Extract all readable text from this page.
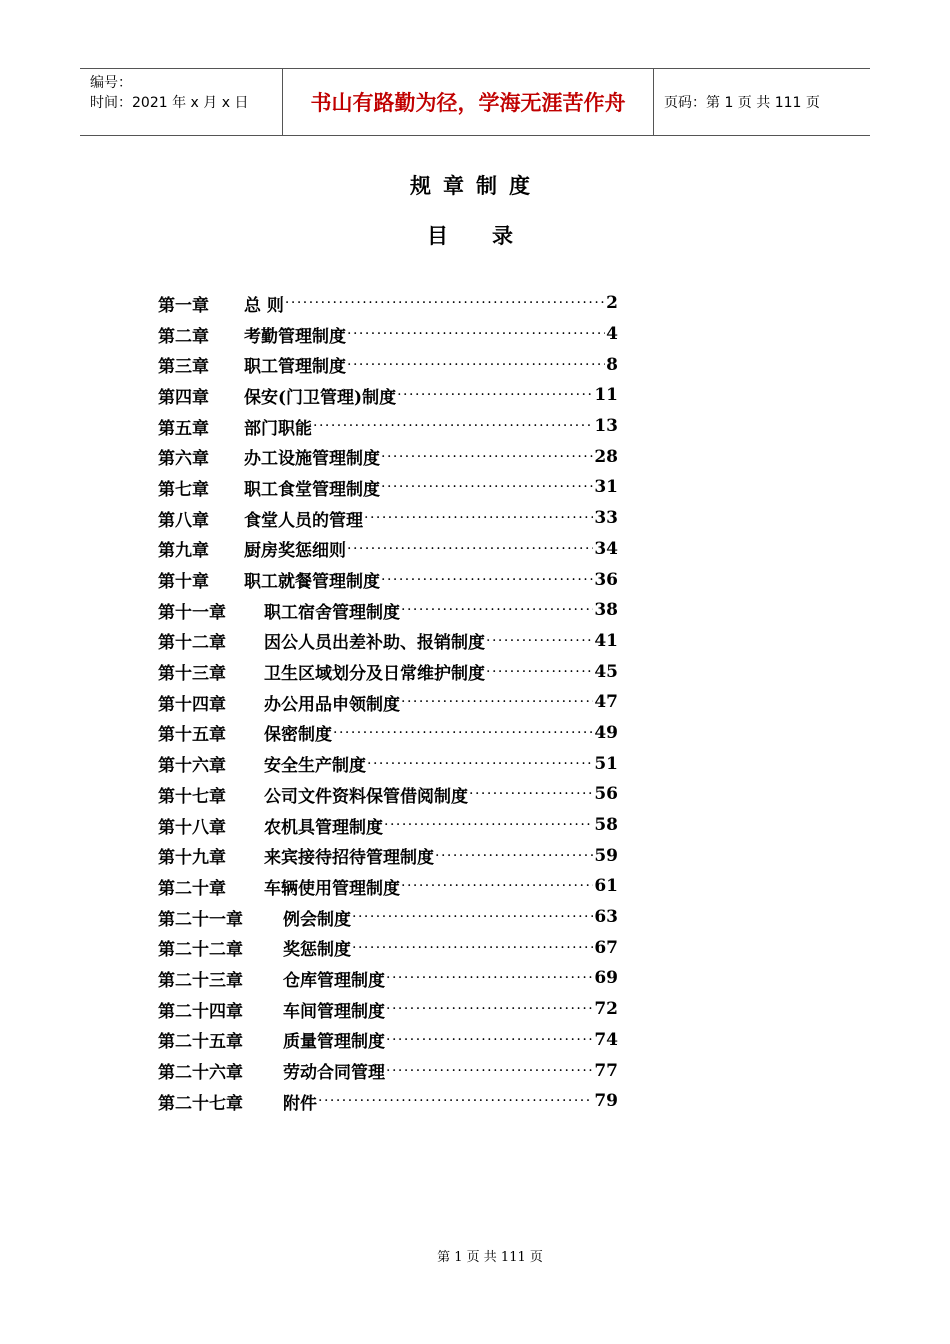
编号：
时间：2021 年 x 月 x 日	书山有路勤为径，学海无涯苦作舟	页码：第 1 页 共 111 页
规章制度
目录
第一章	总 则 ·····	2
第二章	考勤管理制度 ·····	4
第三章	职工管理制度 ·····	8
第四章	保安(门卫管理)制度 ·····	11
第五章	部门职能 ·····	13
第六章	办工设施管理制度 ·····	28
第七章	职工食堂管理制度 ·····	31
第八章	食堂人员的管理 ·····	33
第九章	厨房奖惩细则 ·····	34
第十章	职工就餐管理制度 ·····	36
第十一章	职工宿舍管理制度 ·····	38
第十二章	因公人员出差补助、报销制度 ·····	41
第十三章	卫生区域划分及日常维护制度 ·····	45
第十四章	办公用品申领制度 ·····	47
第十五章	保密制度 ·····	49
第十六章	安全生产制度 ·····	51
第十七章	公司文件资料保管借阅制度 ·····	56
第十八章	农机具管理制度 ·····	58
第十九章	来宾接待招待管理制度 ·····	59
第二十章	车辆使用管理制度 ·····	61
第二十一章	例会制度 ·····	63
第二十二章	奖惩制度 ·····	67
第二十三章	仓库管理制度 ·····	69
第二十四章	车间管理制度 ·····	72
第二十五章	质量管理制度 ·····	74
第二十六章	劳动合同管理 ·····	77
第二十七章	附件 ·····	79
第 1 页 共 111 页
